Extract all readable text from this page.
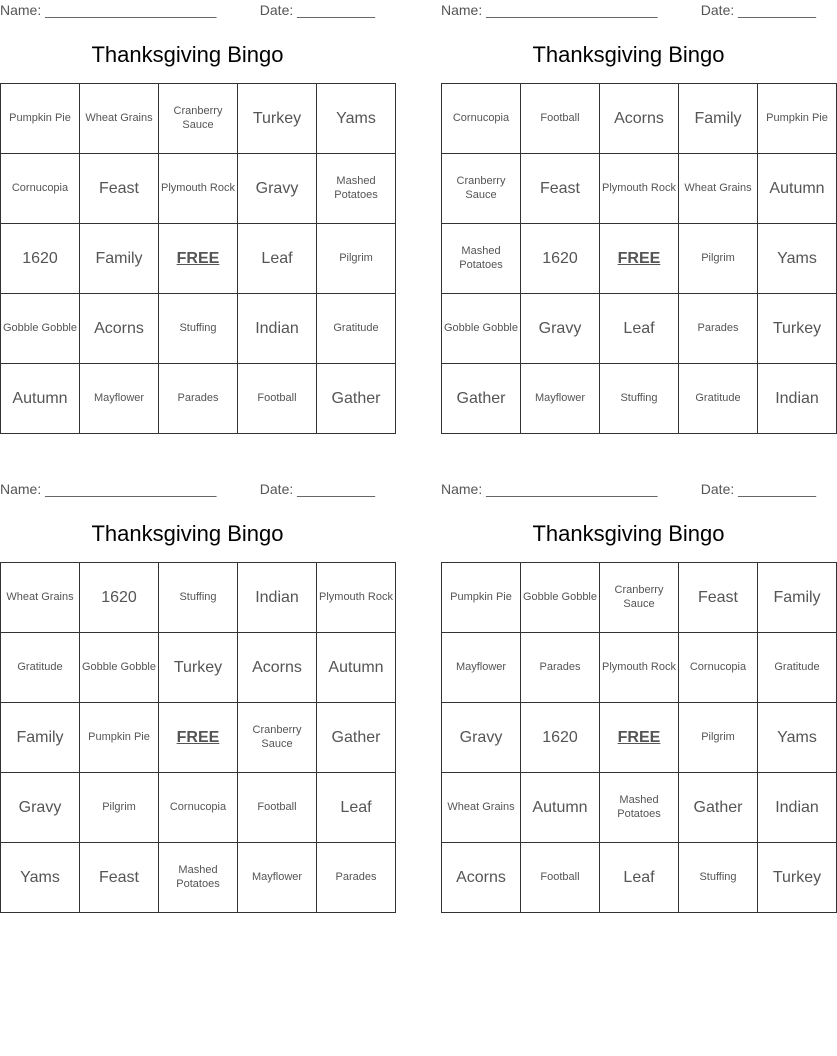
Name: ______________________	Date: __________
Thanksgiving Bingo
Pumpkin Pie	Wheat Grains	Cranberry Sauce	Turkey	Yams
Cornucopia	Feast	Plymouth Rock	Gravy	Mashed Potatoes
1620	Family	FREE	Leaf	Pilgrim
Gobble Gobble	Acorns	Stuffing	Indian	Gratitude
Autumn	Mayflower	Parades	Football	Gather
Name: ______________________	Date: __________
Thanksgiving Bingo
Cornucopia	Football	Acorns	Family	Pumpkin Pie
Cranberry Sauce	Feast	Plymouth Rock	Wheat Grains	Autumn
Mashed Potatoes	1620	FREE	Pilgrim	Yams
Gobble Gobble	Gravy	Leaf	Parades	Turkey
Gather	Mayflower	Stuffing	Gratitude	Indian
Name: ______________________	Date: __________
Thanksgiving Bingo
Wheat Grains	1620	Stuffing	Indian	Plymouth Rock
Gratitude	Gobble Gobble	Turkey	Acorns	Autumn
Family	Pumpkin Pie	FREE	Cranberry Sauce	Gather
Gravy	Pilgrim	Cornucopia	Football	Leaf
Yams	Feast	Mashed Potatoes	Mayflower	Parades
Name: ______________________	Date: __________
Thanksgiving Bingo
Pumpkin Pie	Gobble Gobble	Cranberry Sauce	Feast	Family
Mayflower	Parades	Plymouth Rock	Cornucopia	Gratitude
Gravy	1620	FREE	Pilgrim	Yams
Wheat Grains	Autumn	Mashed Potatoes	Gather	Indian
Acorns	Football	Leaf	Stuffing	Turkey
